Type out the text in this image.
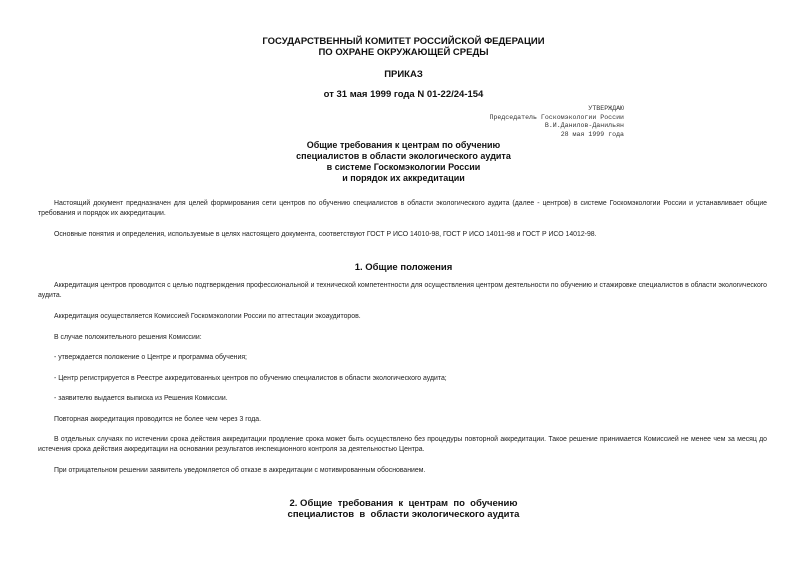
ГОСУДАРСТВЕННЫЙ КОМИТЕТ РОССИЙСКОЙ ФЕДЕРАЦИИ
ПО ОХРАНЕ ОКРУЖАЮЩЕЙ СРЕДЫ
ПРИКАЗ
от 31 мая 1999 года N 01-22/24-154
УТВЕРЖДАЮ
Председатель Госкомэкологии России
В.И.Данилов-Данильян
28 мая 1999 года
Общие требования к центрам по обучению
специалистов в области экологического аудита
в системе Госкомэкологии России
и порядок их аккредитации

Настоящий документ предназначен для целей формирования сети центров по обучению специалистов в области экологического аудита (далее - центров) в системе Госкомэкологии России и устанавливает общие требования и порядок их аккредитации.

Основные понятия и определения, используемые в целях настоящего документа, соответствуют ГОСТ Р ИСО 14010-98, ГОСТ Р ИСО 14011-98 и ГОСТ Р ИСО 14012-98.

1. Общие положения

Аккредитация центров проводится с целью подтверждения профессиональной и технической компетентности для осуществления центром деятельности по обучению и стажировке специалистов в области экологического аудита.

Аккредитация осуществляется Комиссией Госкомэкологии России по аттестации экоаудиторов.

В случае положительного решения Комиссии:

- утверждается положение о Центре и программа обучения;

- Центр регистрируется в Реестре аккредитованных центров по обучению специалистов в области экологического аудита;

- заявителю выдается выписка из Решения Комиссии.

Повторная аккредитация проводится не более чем через 3 года.

В отдельных случаях по истечении срока действия аккредитации продление срока может быть осуществлено без процедуры повторной аккредитации. Такое решение принимается Комиссией не менее чем за месяц до истечения срока действия аккредитации на основании результатов инспекционного контроля за деятельностью Центра.

При отрицательном решении заявитель уведомляется об отказе в аккредитации с мотивированным обоснованием.

2. Общие  требования  к  центрам  по  обучению
специалистов  в  области экологического аудита
